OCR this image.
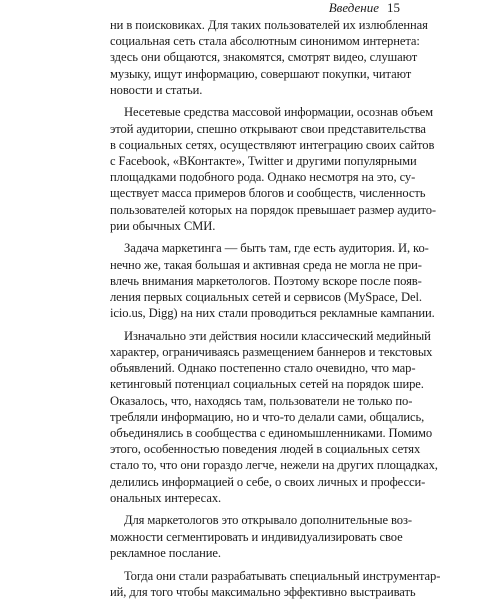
Введение 15
ни в поисковиках. Для таких пользователей их излюбленная
социальная сеть стала абсолютным синонимом интернета:
здесь они общаются, знакомятся, смотрят видео, слушают
музыку, ищут информацию, совершают покупки, читают
новости и статьи.
Несетевые средства массовой информации, осознав объем
этой аудитории, спешно открывают свои представительства
в социальных сетях, осуществляют интеграцию своих сайтов
с Facebook, «ВКонтакте», Twitter и другими популярными
площадками подобного рода. Однако несмотря на это, су-
ществует масса примеров блогов и сообществ, численность
пользователей которых на порядок превышает размер аудито-
рии обычных СМИ.
Задача маркетинга — быть там, где есть аудитория. И, ко-
нечно же, такая большая и активная среда не могла не при-
влечь внимания маркетологов. Поэтому вскоре после появ-
ления первых социальных сетей и сервисов (MySpace, Del.
icio.us, Digg) на них стали проводиться рекламные кампании.
Изначально эти действия носили классический медийный
характер, ограничиваясь размещением баннеров и текстовых
объявлений. Однако постепенно стало очевидно, что мар-
кетинговый потенциал социальных сетей на порядок шире.
Оказалось, что, находясь там, пользователи не только по-
требляли информацию, но и что-то делали сами, общались,
объединялись в сообщества с единомышленниками. Помимо
этого, особенностью поведения людей в социальных сетях
стало то, что они гораздо легче, нежели на других площадках,
делились информацией о себе, о своих личных и професси-
ональных интересах.
Для маркетологов это открывало дополнительные воз-
можности сегментировать и индивидуализировать свое
рекламное послание.
Тогда они стали разрабатывать специальный инструментар-
ий, для того чтобы максимально эффективно выстраивать
